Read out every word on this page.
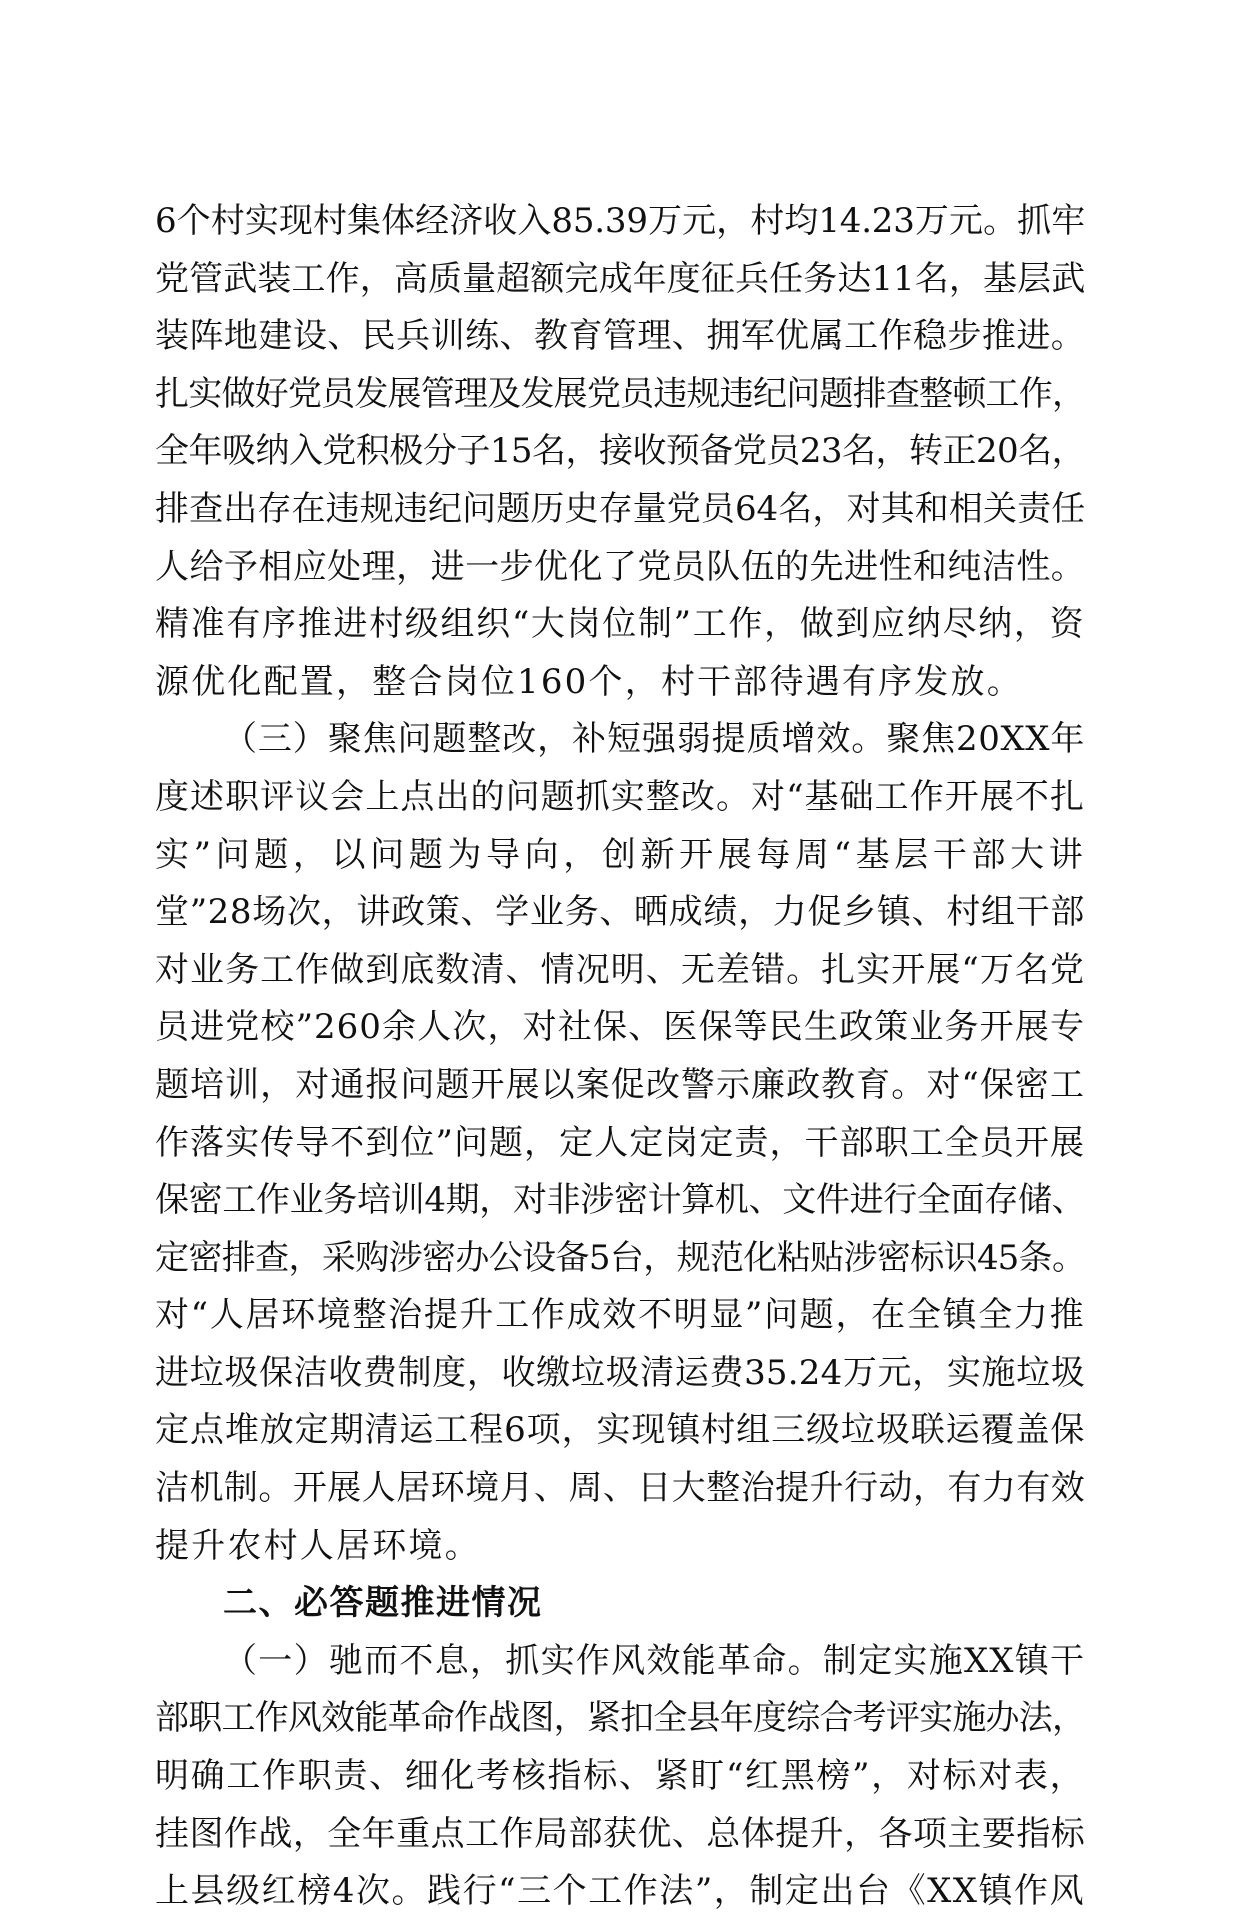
6个村实现村集体经济收入85.39万元，村均14.23万元。抓牢
党管武装工作，高质量超额完成年度征兵任务达11名，基层武
装阵地建设、民兵训练、教育管理、拥军优属工作稳步推进。
扎实做好党员发展管理及发展党员违规违纪问题排查整顿工作，
全年吸纳入党积极分子15名，接收预备党员23名，转正20名，
排查出存在违规违纪问题历史存量党员64名，对其和相关责任
人给予相应处理，进一步优化了党员队伍的先进性和纯洁性。
精准有序推进村级组织“大岗位制”工作，做到应纳尽纳，资
源优化配置，整合岗位160个，村干部待遇有序发放。
（三）聚焦问题整改，补短强弱提质增效。聚焦20XX年
度述职评议会上点出的问题抓实整改。对“基础工作开展不扎
实”问题，以问题为导向，创新开展每周“基层干部大讲
堂”28场次，讲政策、学业务、晒成绩，力促乡镇、村组干部
对业务工作做到底数清、情况明、无差错。扎实开展“万名党
员进党校”260余人次，对社保、医保等民生政策业务开展专
题培训，对通报问题开展以案促改警示廉政教育。对“保密工
作落实传导不到位”问题，定人定岗定责，干部职工全员开展
保密工作业务培训4期，对非涉密计算机、文件进行全面存储、
定密排查，采购涉密办公设备5台，规范化粘贴涉密标识45条。
对“人居环境整治提升工作成效不明显”问题，在全镇全力推
进垃圾保洁收费制度，收缴垃圾清运费35.24万元，实施垃圾
定点堆放定期清运工程6项，实现镇村组三级垃圾联运覆盖保
洁机制。开展人居环境月、周、日大整治提升行动，有力有效
提升农村人居环境。
二、必答题推进情况
（一）驰而不息，抓实作风效能革命。制定实施XX镇干
部职工作风效能革命作战图，紧扣全县年度综合考评实施办法，
明确工作职责、细化考核指标、紧盯“红黑榜”，对标对表，
挂图作战，全年重点工作局部获优、总体提升，各项主要指标
上县级红榜4次。践行“三个工作法”，制定出台《XX镇作风
